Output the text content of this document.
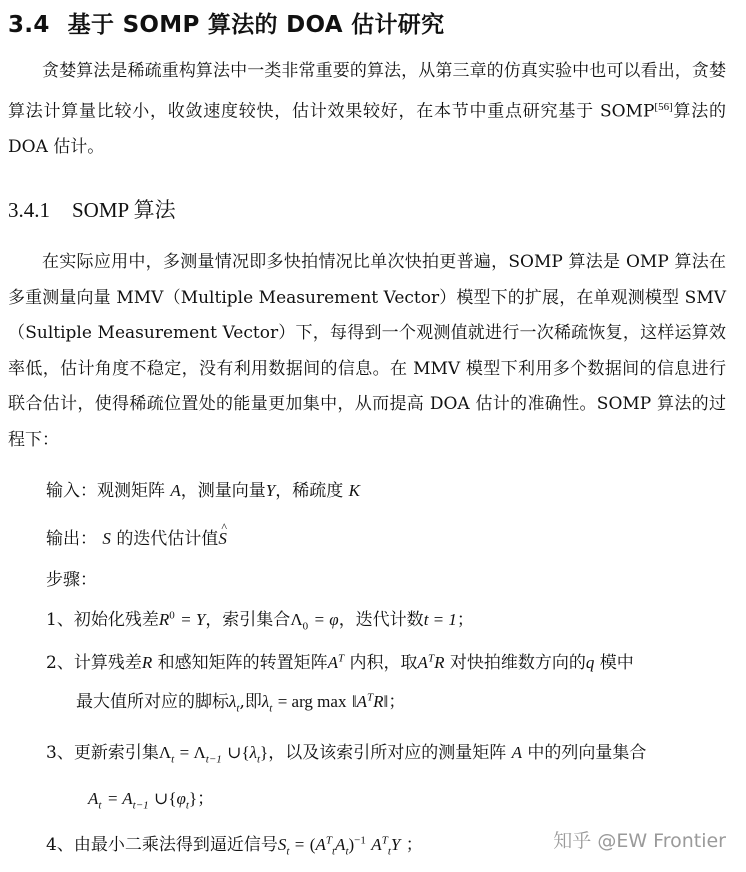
3.4 基于 SOMP 算法的 DOA 估计研究

贪婪算法是稀疏重构算法中一类非常重要的算法，从第三章的仿真实验中也可以看出，贪婪算法计算量比较小，收敛速度较快，估计效果较好，在本节中重点研究基于 SOMP[56]算法的 DOA 估计。

3.4.1 SOMP 算法

在实际应用中，多测量情况即多快拍情况比单次快拍更普遍，SOMP 算法是 OMP 算法在多重测量向量 MMV（Multiple Measurement Vector）模型下的扩展，在单观测模型 SMV（Sultiple Measurement Vector）下，每得到一个观测值就进行一次稀疏恢复，这样运算效率低，估计角度不稳定，没有利用数据间的信息。在 MMV 模型下利用多个数据间的信息进行联合估计，使得稀疏位置处的能量更加集中，从而提高 DOA 估计的准确性。SOMP 算法的过程下：

输入：观测矩阵 A，测量向量Y，稀疏度 K
输出： S 的迭代估计值^ S
步骤：
1、初始化残差$R^0 = Y$，索引集合$\Lambda_0 = \varphi$，迭代计数t = 1；
2、计算残差R 和感知矩阵的转置矩阵$A^T$ 内积，取$A^TR$ 对快拍维数方向的q 模中
最大值所对应的脚标$\lambda_t$,即$\lambda_t$ = arg $\max ‖A^TR‖$；
3、更新索引集$\Lambda_t = \Lambda_{t-1}$ $\cup\{\lambda_t\}$，以及该索引所对应的测量矩阵 A 中的列向量集合
$A_t = A_{t-1}$ $\cup\{\varphi_t\}$；
4、由最小二乘法得到逼近信号$S_t = (A^T_tA_t)^{-1}$ $A^T_tY$ ；	知乎 @EW Frontier
